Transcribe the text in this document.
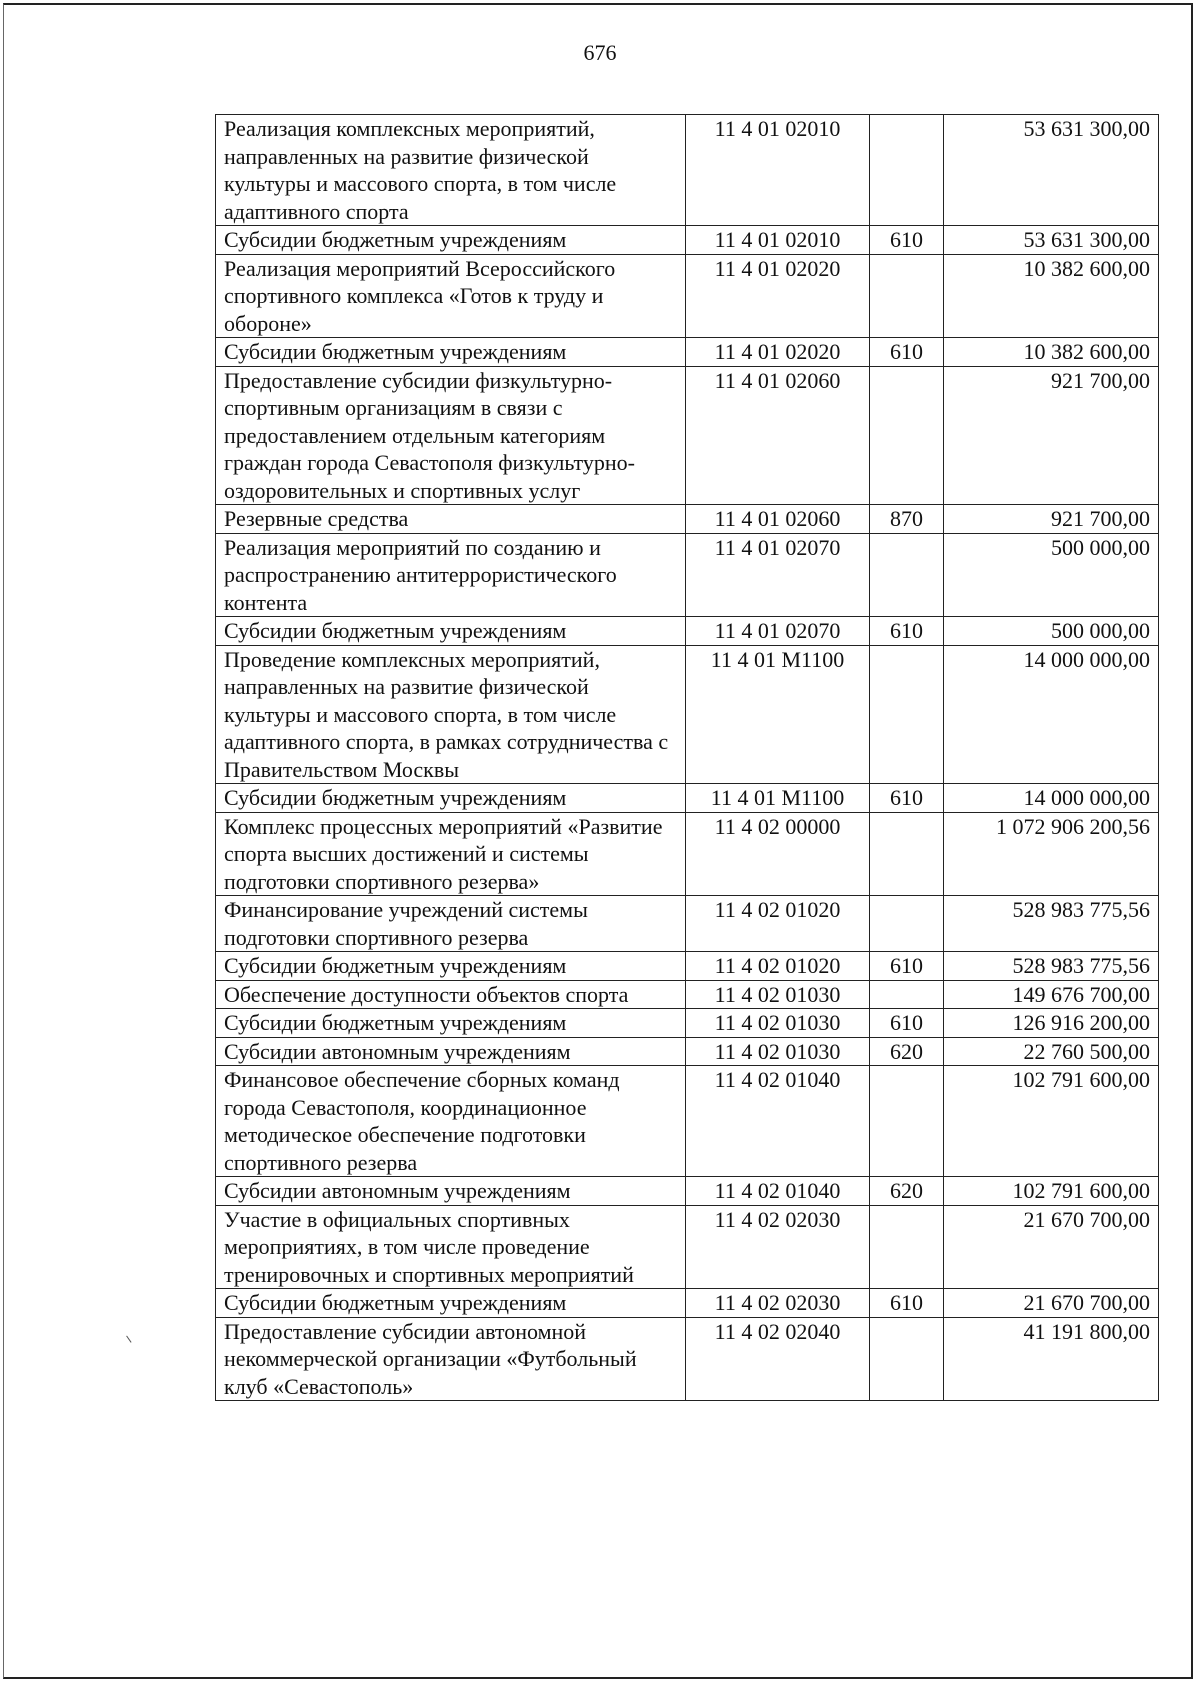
676
Реализация комплексных мероприятий, направленных на развитие физической культуры и массового спорта, в том числе адаптивного спорта	11 4 01 02010		53 631 300,00
Субсидии бюджетным учреждениям	11 4 01 02010	610	53 631 300,00
Реализация мероприятий Всероссийского спортивного комплекса «Готов к труду и обороне»	11 4 01 02020		10 382 600,00
Субсидии бюджетным учреждениям	11 4 01 02020	610	10 382 600,00
Предоставление субсидии физкультурно-спортивным организациям в связи с предоставлением отдельным категориям граждан города Севастополя физкультурно-оздоровительных и спортивных услуг	11 4 01 02060		921 700,00
Резервные средства	11 4 01 02060	870	921 700,00
Реализация мероприятий по созданию и распространению антитеррористического контента	11 4 01 02070		500 000,00
Субсидии бюджетным учреждениям	11 4 01 02070	610	500 000,00
Проведение комплексных мероприятий, направленных на развитие физической культуры и массового спорта, в том числе адаптивного спорта, в рамках сотрудничества с Правительством Москвы	11 4 01 М1100		14 000 000,00
Субсидии бюджетным учреждениям	11 4 01 М1100	610	14 000 000,00
Комплекс процессных мероприятий «Развитие спорта высших достижений и системы подготовки спортивного резерва»	11 4 02 00000		1 072 906 200,56
Финансирование учреждений системы подготовки спортивного резерва	11 4 02 01020		528 983 775,56
Субсидии бюджетным учреждениям	11 4 02 01020	610	528 983 775,56
Обеспечение доступности объектов спорта	11 4 02 01030		149 676 700,00
Субсидии бюджетным учреждениям	11 4 02 01030	610	126 916 200,00
Субсидии автономным учреждениям	11 4 02 01030	620	22 760 500,00
Финансовое обеспечение сборных команд города Севастополя, координационное методическое обеспечение подготовки спортивного резерва	11 4 02 01040		102 791 600,00
Субсидии автономным учреждениям	11 4 02 01040	620	102 791 600,00
Участие в официальных спортивных мероприятиях, в том числе проведение тренировочных и спортивных мероприятий	11 4 02 02030		21 670 700,00
Субсидии бюджетным учреждениям	11 4 02 02030	610	21 670 700,00
Предоставление субсидии автономной некоммерческой организации «Футбольный клуб «Севастополь»	11 4 02 02040		41 191 800,00
